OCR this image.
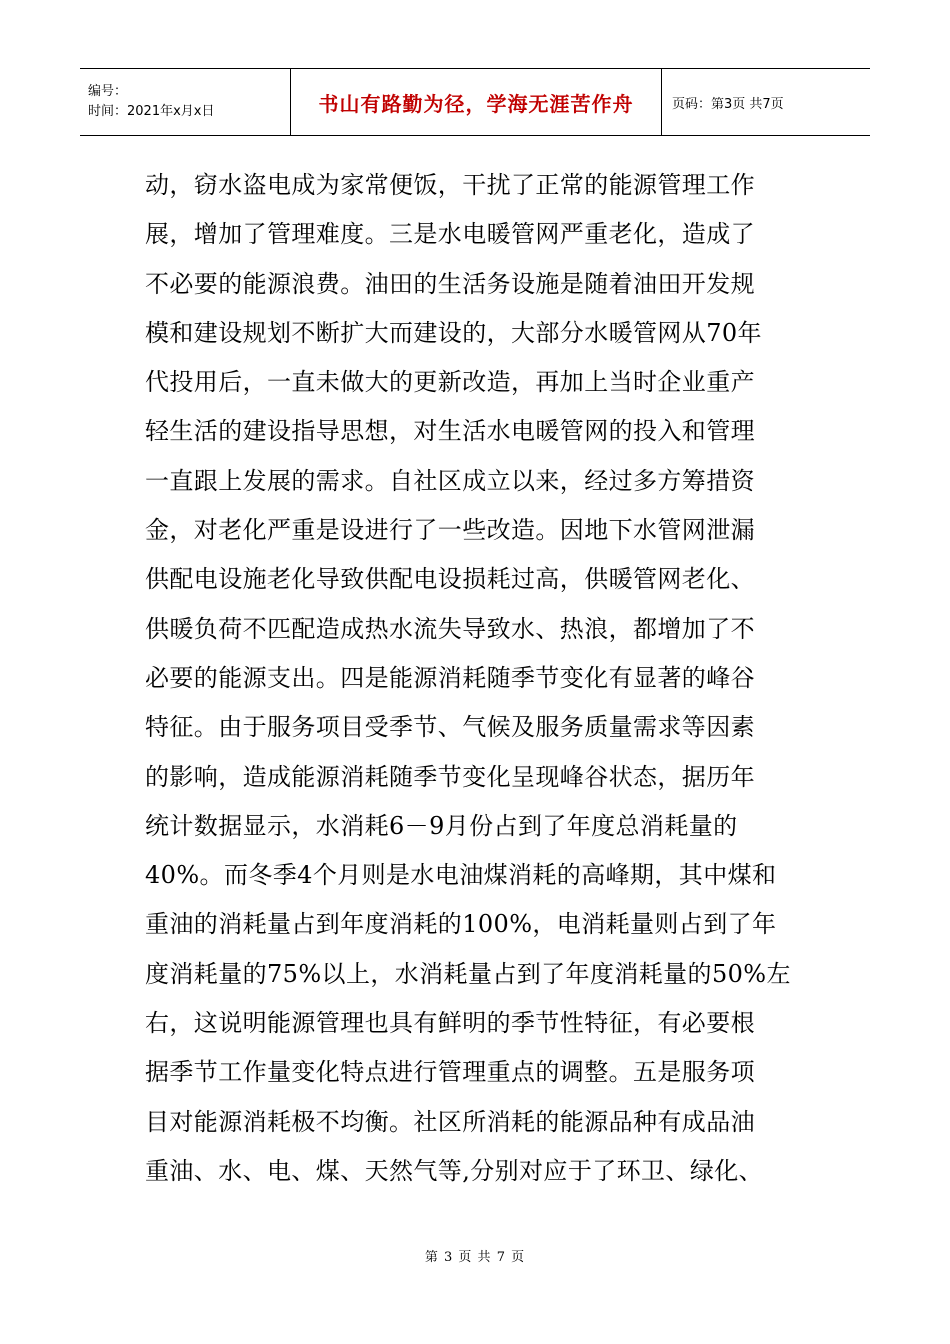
编号：
时间：2021年x月x日	书山有路勤为径，学海无涯苦作舟	页码：第3页 共7页
动，窃水盗电成为家常便饭，干扰了正常的能源管理工作
展，增加了管理难度。三是水电暖管网严重老化，造成了
不必要的能源浪费。油田的生活务设施是随着油田开发规
模和建设规划不断扩大而建设的，大部分水暖管网从70年
代投用后，一直未做大的更新改造，再加上当时企业重产
轻生活的建设指导思想，对生活水电暖管网的投入和管理
一直跟上发展的需求。自社区成立以来，经过多方筹措资
金，对老化严重是设进行了一些改造。因地下水管网泄漏
供配电设施老化导致供配电设损耗过高，供暖管网老化、
供暖负荷不匹配造成热水流失导致水、热浪，都增加了不
必要的能源支出。四是能源消耗随季节变化有显著的峰谷
特征。由于服务项目受季节、气候及服务质量需求等因素
的影响，造成能源消耗随季节变化呈现峰谷状态，据历年
统计数据显示，水消耗6－9月份占到了年度总消耗量的
40%。而冬季4个月则是水电油煤消耗的高峰期，其中煤和
重油的消耗量占到年度消耗的100%，电消耗量则占到了年
度消耗量的75%以上，水消耗量占到了年度消耗量的50%左
右，这说明能源管理也具有鲜明的季节性特征，有必要根
据季节工作量变化特点进行管理重点的调整。五是服务项
目对能源消耗极不均衡。社区所消耗的能源品种有成品油
重油、水、电、煤、天然气等,分别对应于了环卫、绿化、
第 3 页 共 7 页
